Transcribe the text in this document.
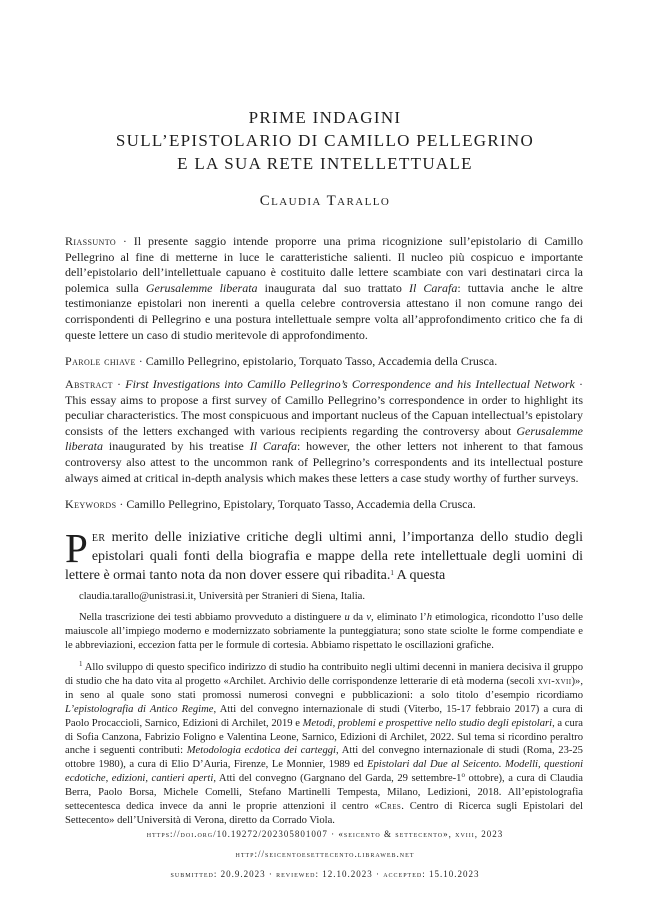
PRIME INDAGINI
SULL’EPISTOLARIO DI CAMILLO PELLEGRINO
E LA SUA RETE INTELLETTUALE
Claudia Tarallo
Riassunto · Il presente saggio intende proporre una prima ricognizione sull’epistolario di Camillo Pellegrino al fine di metterne in luce le caratteristiche salienti. Il nucleo più cospicuo e importante dell’epistolario dell’intellettuale capuano è costituito dalle lettere scambiate con vari destinatari circa la polemica sulla Gerusalemme liberata inaugurata dal suo trattato Il Carafa: tuttavia anche le altre testimonianze epistolari non inerenti a quella celebre controversia attestano il non comune rango dei corrispondenti di Pellegrino e una postura intellettuale sempre volta all’approfondimento critico che fa di queste lettere un caso di studio meritevole di approfondimento.
Parole chiave · Camillo Pellegrino, epistolario, Torquato Tasso, Accademia della Crusca.
Abstract · First Investigations into Camillo Pellegrino’s Correspondence and his Intellectual Network · This essay aims to propose a first survey of Camillo Pellegrino’s correspondence in order to highlight its peculiar characteristics. The most conspicuous and important nucleus of the Capuan intellectual’s epistolary consists of the letters exchanged with various recipients regarding the controversy about Gerusalemme liberata inaugurated by his treatise Il Carafa: however, the other letters not inherent to that famous controversy also attest to the uncommon rank of Pellegrino’s correspondents and its intellectual posture always aimed at critical in-depth analysis which makes these letters a case study worthy of further surveys.
Keywords · Camillo Pellegrino, Epistolary, Torquato Tasso, Accademia della Crusca.
Per merito delle iniziative critiche degli ultimi anni, l’importanza dello studio degli epistolari quali fonti della biografia e mappe della rete intellettuale degli uomini di lettere è ormai tanto nota da non dover essere qui ribadita.$^1$ A questa
claudia.tarallo@unistrasi.it, Università per Stranieri di Siena, Italia.
Nella trascrizione dei testi abbiamo provveduto a distinguere u da v, eliminato l’h etimologica, ricondotto l’uso delle maiuscole all’impiego moderno e modernizzato sobriamente la punteggiatura; sono state sciolte le forme compendiate e le abbreviazioni, eccezion fatta per le formule di cortesia. Abbiamo rispettato le oscillazioni grafiche.
$^1$ Allo sviluppo di questo specifico indirizzo di studio ha contribuito negli ultimi decenni in maniera decisiva il gruppo di studio che ha dato vita al progetto «Archilet. Archivio delle corrispondenze letterarie di età moderna (secoli xvi-xvii)», in seno al quale sono stati promossi numerosi convegni e pubblicazioni: a solo titolo d’esempio ricordiamo L’epistolografia di Antico Regime, Atti del convegno internazionale di studi (Viterbo, 15-17 febbraio 2017) a cura di Paolo Procaccioli, Sarnico, Edizioni di Archilet, 2019 e Metodi, problemi e prospettive nello studio degli epistolari, a cura di Sofia Canzona, Fabrizio Foligno e Valentina Leone, Sarnico, Edizioni di Archilet, 2022. Sul tema si ricordino peraltro anche i seguenti contributi: Metodologia ecdotica dei carteggi, Atti del convegno internazionale di studi (Roma, 23-25 ottobre 1980), a cura di Elio D’Auria, Firenze, Le Monnier, 1989 ed Epistolari dal Due al Seicento. Modelli, questioni ecdotiche, edizioni, cantieri aperti, Atti del convegno (Gargnano del Garda, 29 settembre-1$^o$ ottobre), a cura di Claudia Berra, Paolo Borsa, Michele Comelli, Stefano Martinelli Tempesta, Milano, Ledizioni, 2018. All’epistolografia settecentesca dedica invece da anni le proprie attenzioni il centro «Cres. Centro di Ricerca sugli Epistolari del Settecento» dell’Università di Verona, diretto da Corrado Viola.
https://doi.org/10.19272/202305801007 · «seicento & settecento», xviii, 2023
http://seicentoesettecento.libraweb.net
submitted: 20.9.2023 · reviewed: 12.10.2023 · accepted: 15.10.2023
